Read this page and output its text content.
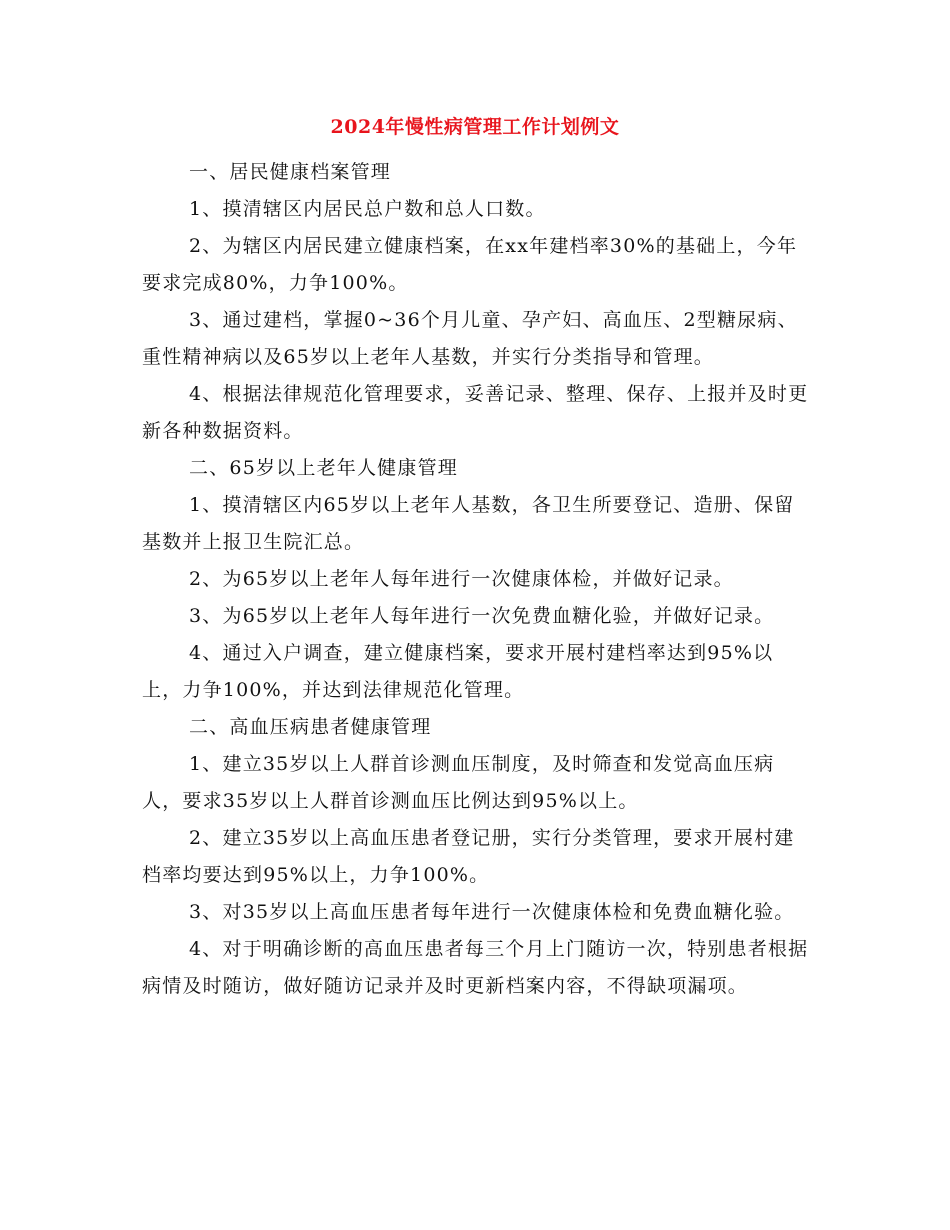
2024年慢性病管理工作计划例文

一、居民健康档案管理

1、摸清辖区内居民总户数和总人口数。

2、为辖区内居民建立健康档案，在xx年建档率30%的基础上，今年要求完成80%，力争100%。

3、通过建档，掌握0~36个月儿童、孕产妇、高血压、2型糖尿病、重性精神病以及65岁以上老年人基数，并实行分类指导和管理。

4、根据法律规范化管理要求，妥善记录、整理、保存、上报并及时更新各种数据资料。

二、65岁以上老年人健康管理

1、摸清辖区内65岁以上老年人基数，各卫生所要登记、造册、保留基数并上报卫生院汇总。

2、为65岁以上老年人每年进行一次健康体检，并做好记录。

3、为65岁以上老年人每年进行一次免费血糖化验，并做好记录。

4、通过入户调查，建立健康档案，要求开展村建档率达到95%以上，力争100%，并达到法律规范化管理。

二、高血压病患者健康管理

1、建立35岁以上人群首诊测血压制度，及时筛查和发觉高血压病人，要求35岁以上人群首诊测血压比例达到95%以上。

2、建立35岁以上高血压患者登记册，实行分类管理，要求开展村建档率均要达到95%以上，力争100%。

3、对35岁以上高血压患者每年进行一次健康体检和免费血糖化验。

4、对于明确诊断的高血压患者每三个月上门随访一次，特别患者根据病情及时随访，做好随访记录并及时更新档案内容，不得缺项漏项。
